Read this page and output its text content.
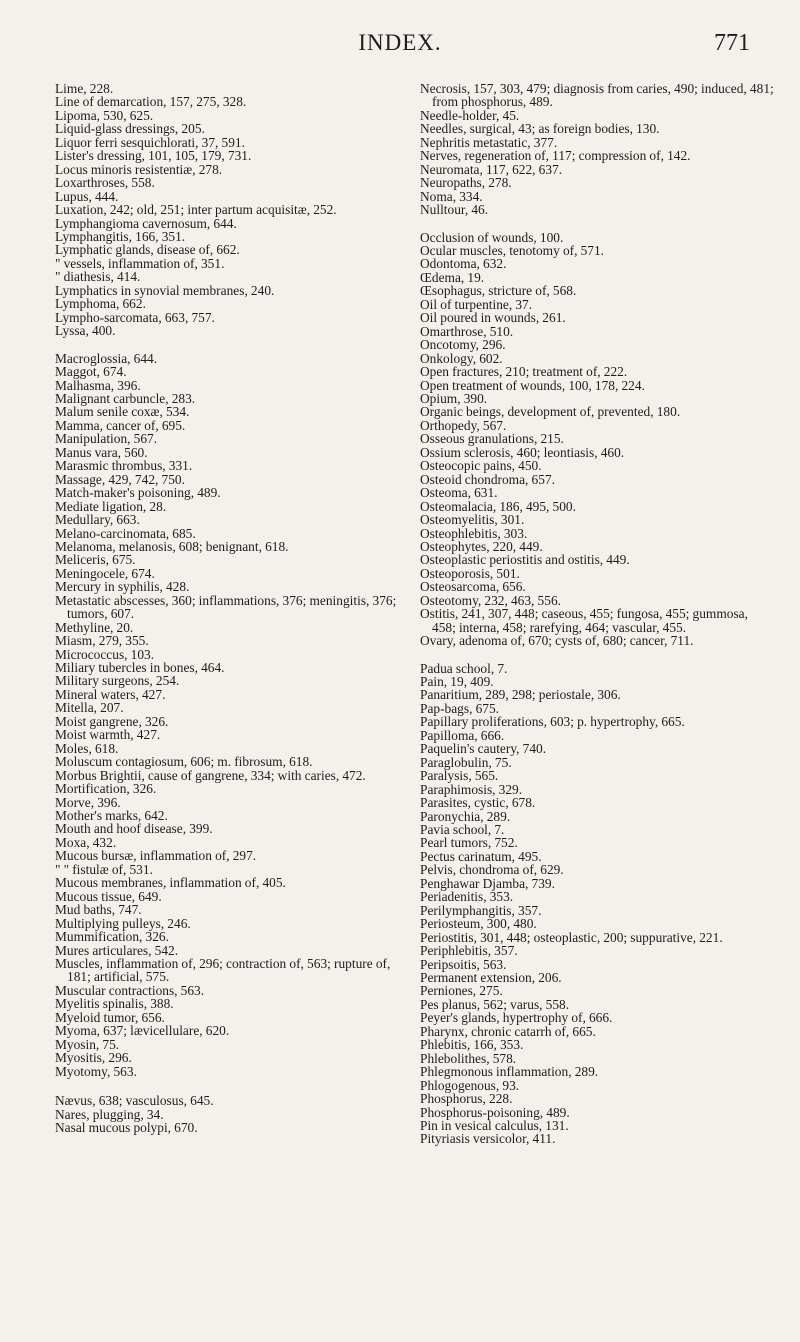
INDEX.	771
Lime, 228.
Line of demarcation, 157, 275, 328.
Lipoma, 530, 625.
Liquid-glass dressings, 205.
Liquor ferri sesquichlorati, 37, 591.
Lister's dressing, 101, 105, 179, 731.
Locus minoris resistentiæ, 278.
Loxarthroses, 558.
Lupus, 444.
Luxation, 242; old, 251; inter partum acquisitæ, 252.
Lymphangioma cavernosum, 644.
Lymphangitis, 166, 351.
Lymphatic glands, disease of, 662.
" vessels, inflammation of, 351.
" diathesis, 414.
Lymphatics in synovial membranes, 240.
Lymphoma, 662.
Lympho-sarcomata, 663, 757.
Lyssa, 400.
Macroglossia, 644.
Maggot, 674.
Malhasma, 396.
Malignant carbuncle, 283.
Malum senile coxæ, 534.
Mamma, cancer of, 695.
Manipulation, 567.
Manus vara, 560.
Marasmic thrombus, 331.
Massage, 429, 742, 750.
Match-maker's poisoning, 489.
Mediate ligation, 28.
Medullary, 663.
Melano-carcinomata, 685.
Melanoma, melanosis, 608; benignant, 618.
Meliceris, 675.
Meningocele, 674.
Mercury in syphilis, 428.
Metastatic abscesses, 360; inflammations, 376; meningitis, 376; tumors, 607.
Methyline, 20.
Miasm, 279, 355.
Micrococcus, 103.
Miliary tubercles in bones, 464.
Military surgeons, 254.
Mineral waters, 427.
Mitella, 207.
Moist gangrene, 326.
Moist warmth, 427.
Moles, 618.
Moluscum contagiosum, 606; m. fibrosum, 618.
Morbus Brightii, cause of gangrene, 334; with caries, 472.
Mortification, 326.
Morve, 396.
Mother's marks, 642.
Mouth and hoof disease, 399.
Moxa, 432.
Mucous bursæ, inflammation of, 297.
" " fistulæ of, 531.
Mucous membranes, inflammation of, 405.
Mucous tissue, 649.
Mud baths, 747.
Multiplying pulleys, 246.
Mummification, 326.
Mures articulares, 542.
Muscles, inflammation of, 296; contraction of, 563; rupture of, 181; artificial, 575.
Muscular contractions, 563.
Myelitis spinalis, 388.
Myeloid tumor, 656.
Myoma, 637; lævicellulare, 620.
Myosin, 75.
Myositis, 296.
Myotomy, 563.
Nævus, 638; vasculosus, 645.
Nares, plugging, 34.
Nasal mucous polypi, 670.
Necrosis, 157, 303, 479; diagnosis from caries, 490; induced, 481; from phosphorus, 489.
Needle-holder, 45.
Needles, surgical, 43; as foreign bodies, 130.
Nephritis metastatic, 377.
Nerves, regeneration of, 117; compression of, 142.
Neuromata, 117, 622, 637.
Neuropaths, 278.
Noma, 334.
Nulltour, 46.
Occlusion of wounds, 100.
Ocular muscles, tenotomy of, 571.
Odontoma, 632.
Œdema, 19.
Œsophagus, stricture of, 568.
Oil of turpentine, 37.
Oil poured in wounds, 261.
Omarthrose, 510.
Oncotomy, 296.
Onkology, 602.
Open fractures, 210; treatment of, 222.
Open treatment of wounds, 100, 178, 224.
Opium, 390.
Organic beings, development of, prevented, 180.
Orthopedy, 567.
Osseous granulations, 215.
Ossium sclerosis, 460; leontiasis, 460.
Osteocopic pains, 450.
Osteoid chondroma, 657.
Osteoma, 631.
Osteomalacia, 186, 495, 500.
Osteomyelitis, 301.
Osteophlebitis, 303.
Osteophytes, 220, 449.
Osteoplastic periostitis and ostitis, 449.
Osteoporosis, 501.
Osteosarcoma, 656.
Osteotomy, 232, 463, 556.
Ostitis, 241, 307, 448; caseous, 455; fungosa, 455; gummosa, 458; interna, 458; rarefying, 464; vascular, 455.
Ovary, adenoma of, 670; cysts of, 680; cancer, 711.
Padua school, 7.
Pain, 19, 409.
Panaritium, 289, 298; periostale, 306.
Pap-bags, 675.
Papillary proliferations, 603; p. hypertrophy, 665.
Papilloma, 666.
Paquelin's cautery, 740.
Paraglobulin, 75.
Paralysis, 565.
Paraphimosis, 329.
Parasites, cystic, 678.
Paronychia, 289.
Pavia school, 7.
Pearl tumors, 752.
Pectus carinatum, 495.
Pelvis, chondroma of, 629.
Penghawar Djamba, 739.
Periadenitis, 353.
Perilymphangitis, 357.
Periosteum, 300, 480.
Periostitis, 301, 448; osteoplastic, 200; suppurative, 221.
Periphlebitis, 357.
Peripsoitis, 563.
Permanent extension, 206.
Perniones, 275.
Pes planus, 562; varus, 558.
Peyer's glands, hypertrophy of, 666.
Pharynx, chronic catarrh of, 665.
Phlebitis, 166, 353.
Phlebolithes, 578.
Phlegmonous inflammation, 289.
Phlogogenous, 93.
Phosphorus, 228.
Phosphorus-poisoning, 489.
Pin in vesical calculus, 131.
Pityriasis versicolor, 411.
